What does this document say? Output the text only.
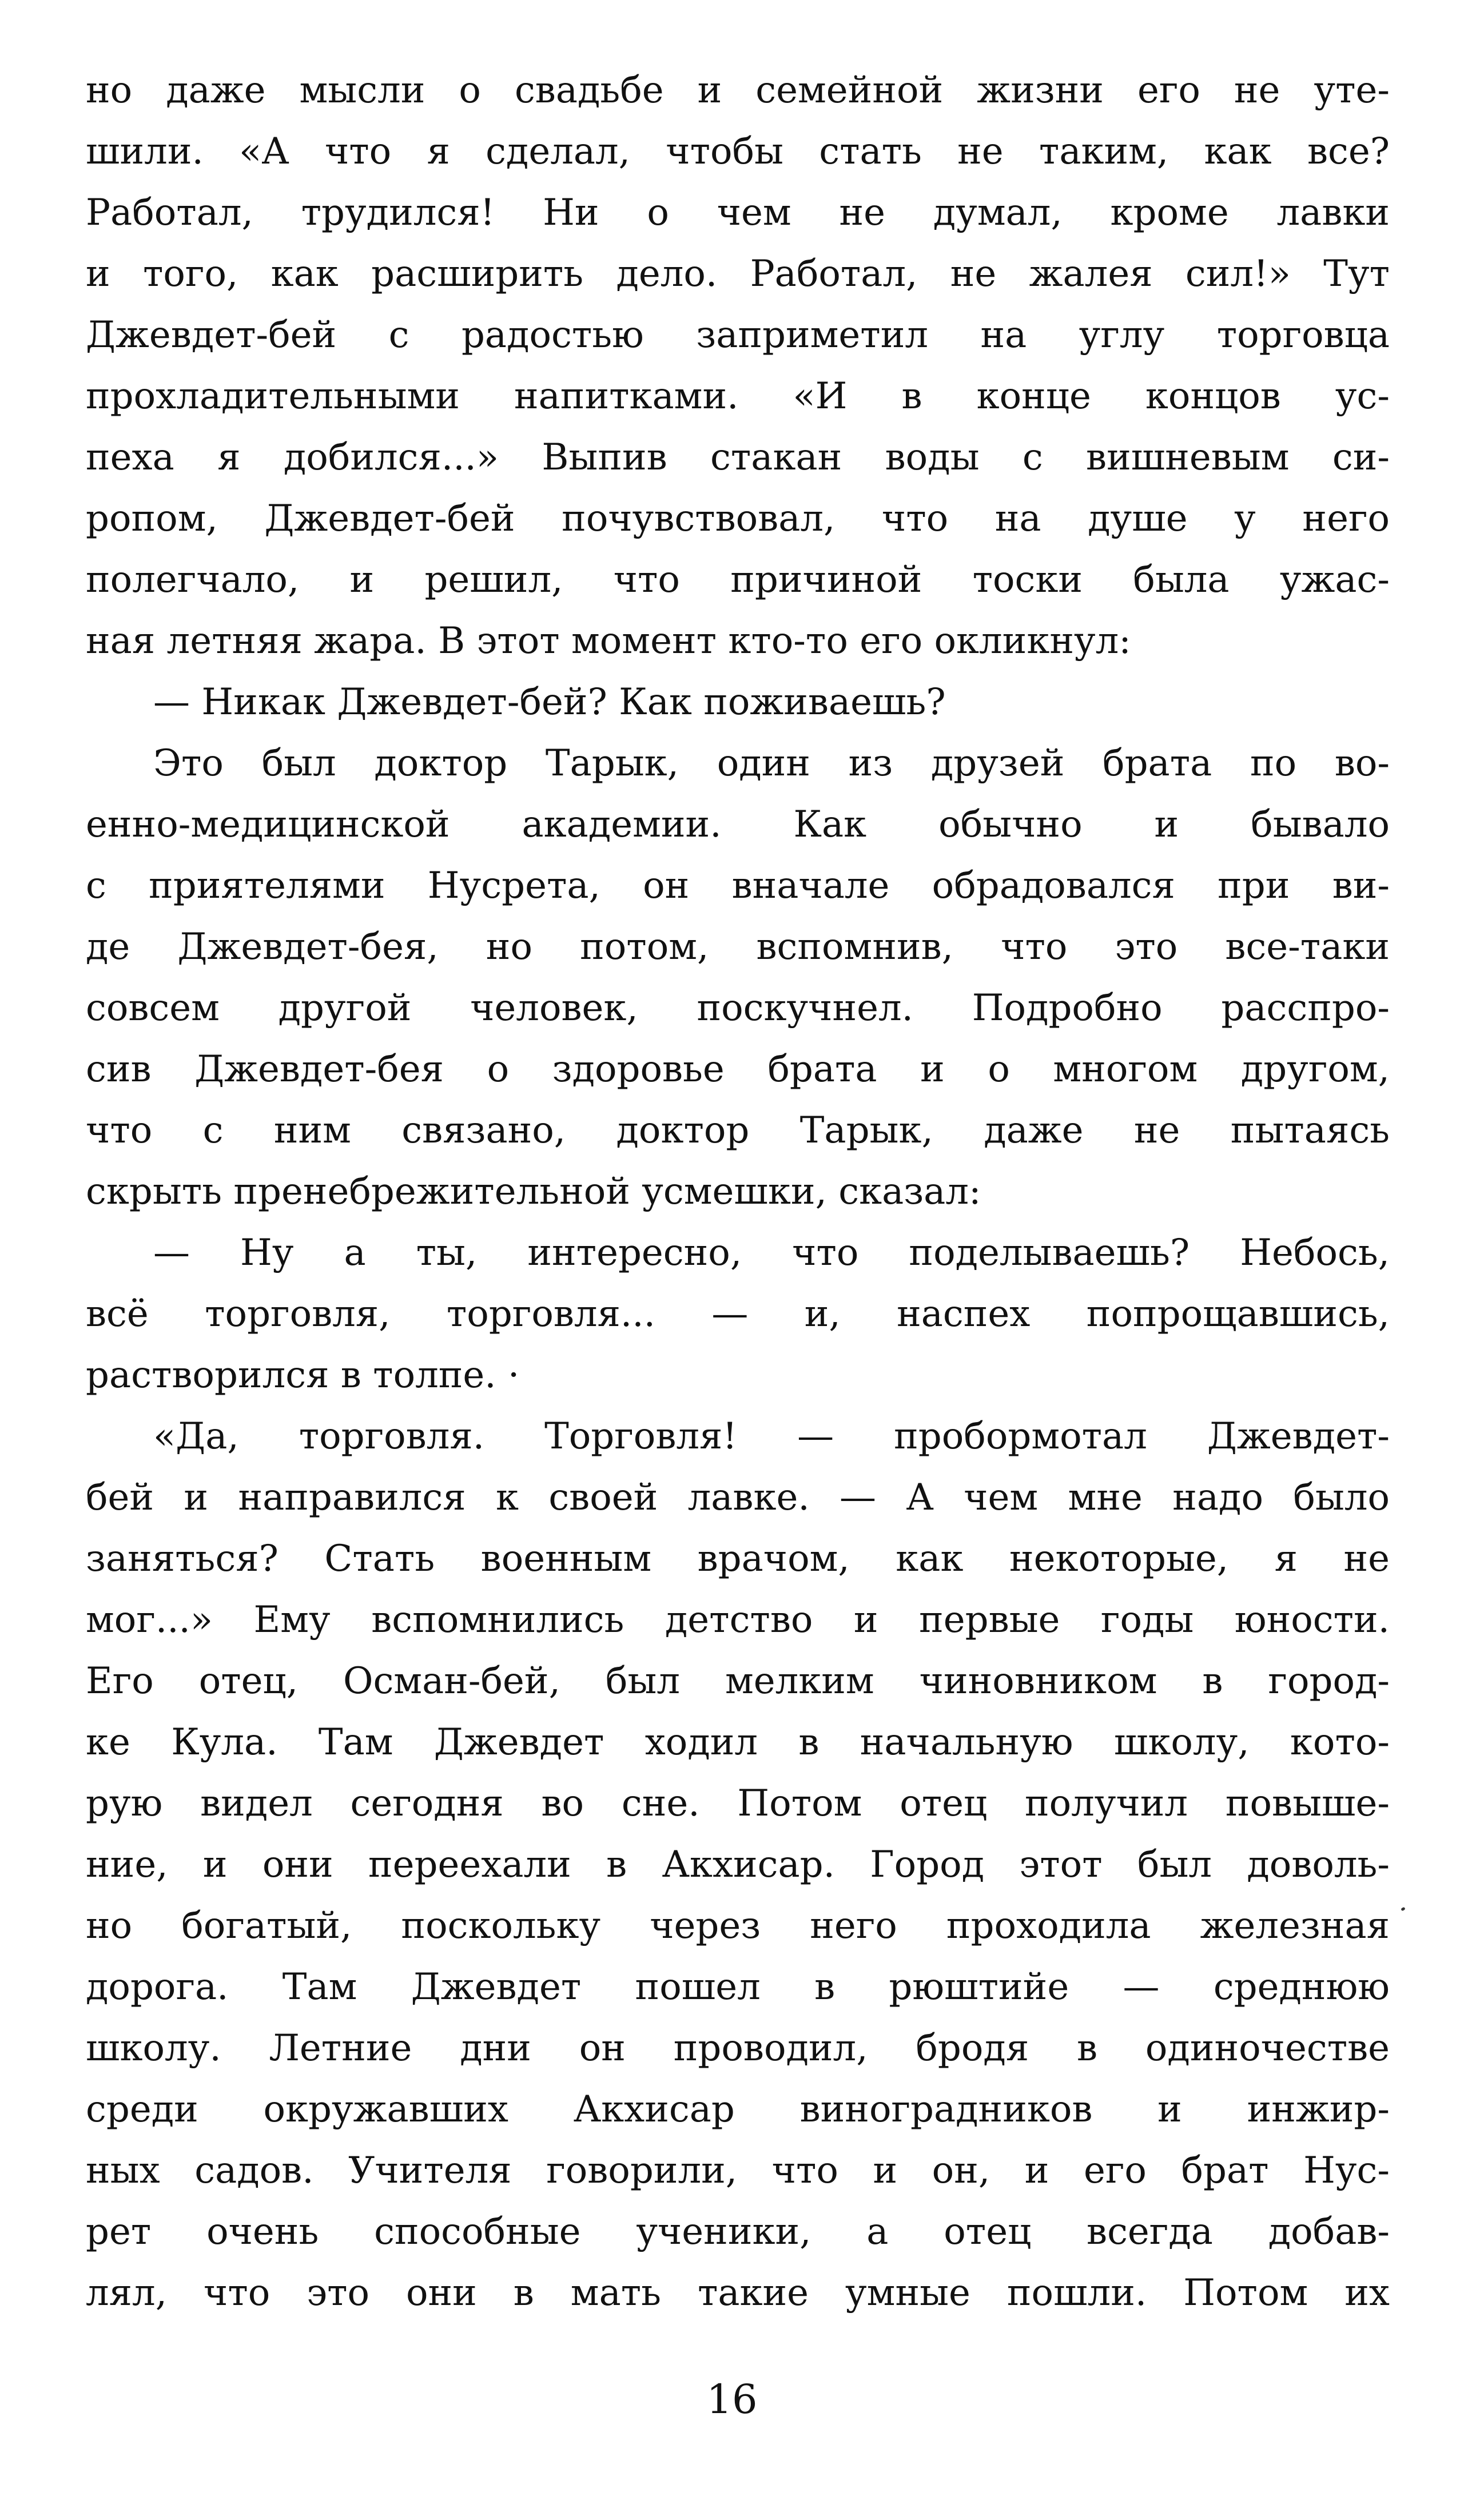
но даже мысли о свадьбе и семейной жизни его не уте-
шили. «А что я сделал, чтобы стать не таким, как все?
Работал, трудился! Ни о чем не думал, кроме лавки
и того, как расширить дело. Работал, не жалея сил!» Тут
Джевдет-бей с радостью заприметил на углу торговца
прохладительными напитками. «И в конце концов ус-
пеха я добился...» Выпив стакан воды с вишневым си-
ропом, Джевдет-бей почувствовал, что на душе у него
полегчало, и решил, что причиной тоски была ужас-
ная летняя жара. В этот момент кто-то его окликнул:
— Никак Джевдет-бей? Как поживаешь?
Это был доктор Тарык, один из друзей брата по во-
енно-медицинской академии. Как обычно и бывало
с приятелями Нусрета, он вначале обрадовался при ви-
де Джевдет-бея, но потом, вспомнив, что это все-таки
совсем другой человек, поскучнел. Подробно расспро-
сив Джевдет-бея о здоровье брата и о многом другом,
что с ним связано, доктор Тарык, даже не пытаясь
скрыть пренебрежительной усмешки, сказал:
— Ну а ты, интересно, что поделываешь? Небось,
всё торговля, торговля... — и, наспех попрощавшись,
растворился в толпе. ·
«Да, торговля. Торговля! — пробормотал Джевдет-
бей и направился к своей лавке. — А чем мне надо было
заняться? Стать военным врачом, как некоторые, я не
мог...» Ему вспомнились детство и первые годы юности.
Его отец, Осман-бей, был мелким чиновником в город-
ке Кула. Там Джевдет ходил в начальную школу, кото-
рую видел сегодня во сне. Потом отец получил повыше-
ние, и они переехали в Акхисар. Город этот был доволь-
но богатый, поскольку через него проходила железная
дорога. Там Джевдет пошел в рюштийе — среднюю
школу. Летние дни он проводил, бродя в одиночестве
среди окружавших Акхисар виноградников и инжир-
ных садов. Учителя говорили, что и он, и его брат Нус-
рет очень способные ученики, а отец всегда добав-
лял, что это они в мать такие умные пошли. Потом их
16
